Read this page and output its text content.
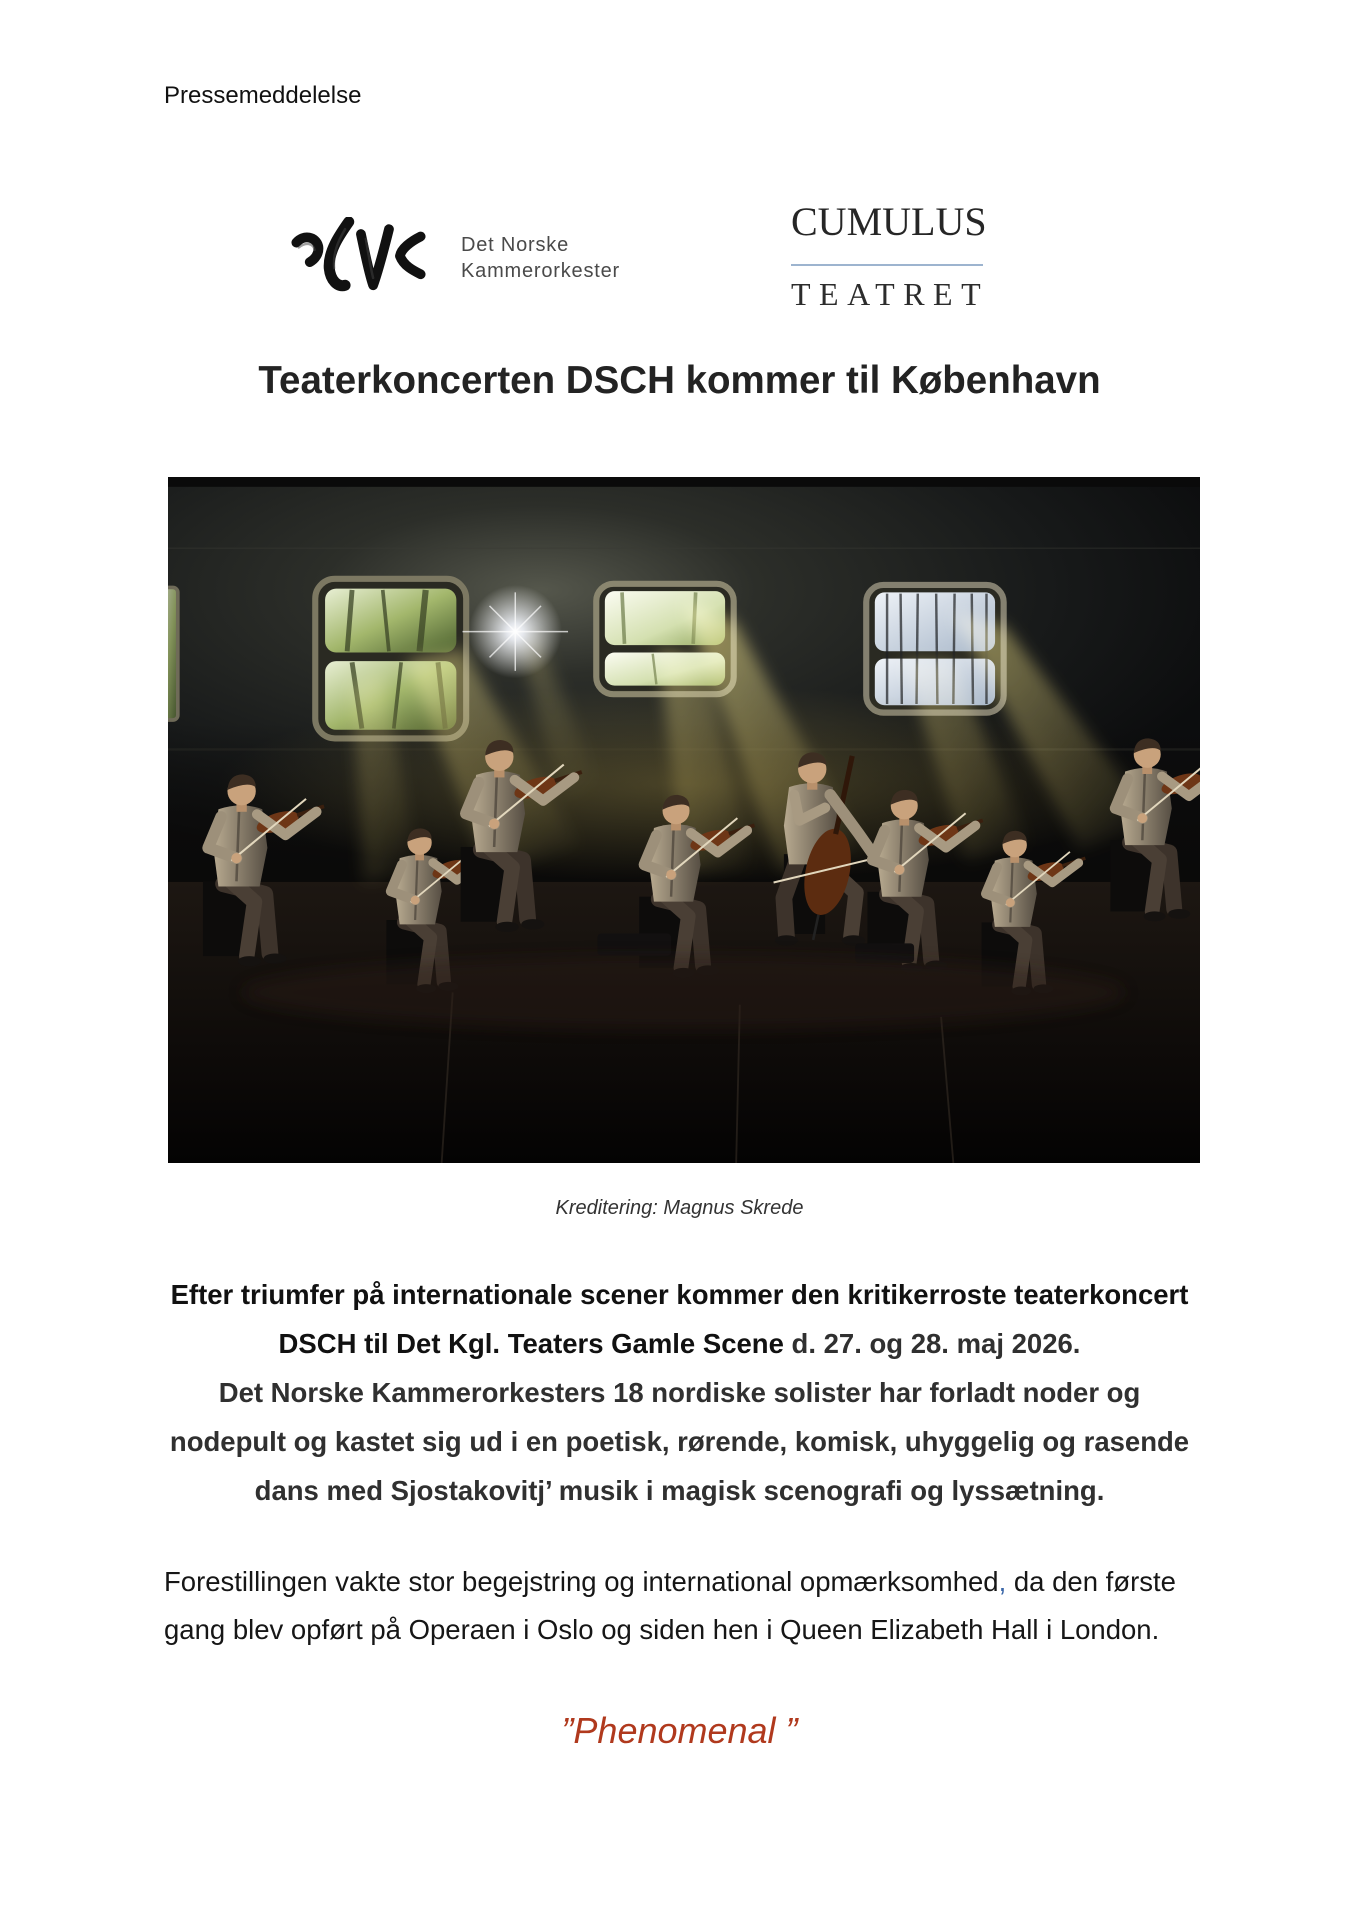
Pressemeddelelse
Det Norske
Kammerorkester
CUMULUS
TEATRET
Teaterkoncerten DSCH kommer til København
Kreditering: Magnus Skrede
Efter triumfer på internationale scener kommer den kritikerroste teaterkoncert
DSCH til Det Kgl. Teaters Gamle Scene d. 27. og 28. maj 2026.
Det Norske Kammerorkesters 18 nordiske solister har forladt noder og
nodepult og kastet sig ud i en poetisk, rørende, komisk, uhyggelig og rasende
dans med Sjostakovitj’ musik i magisk scenografi og lyssætning.
Forestillingen vakte stor begejstring og international opmærksomhed, da den første
gang blev opført på Operaen i Oslo og siden hen i Queen Elizabeth Hall i London.
”Phenomenal ”
